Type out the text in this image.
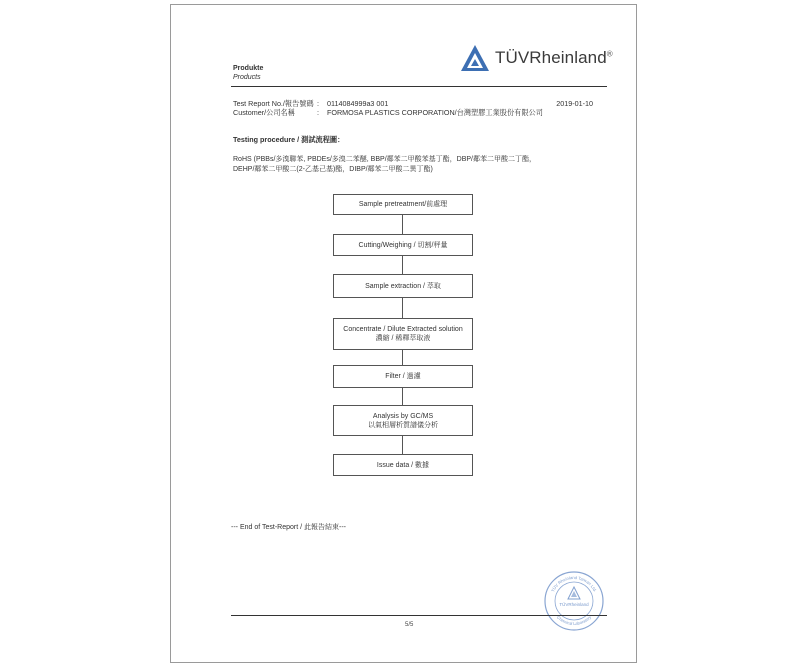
TÜVRheinland®
Produkte
Products
Test Report No./報告號碼 :	0114084999a3 001	2019-01-10
Customer/公司名稱	:	FORMOSA PLASTICS CORPORATION/台灣塑膠工業股份有限公司
Testing procedure / 測試流程圖：
RoHS (PBBs/多溴聯苯, PBDEs/多溴二苯醚, BBP/鄰苯二甲酸苯基丁酯，DBP/鄰苯二甲酸二丁酯，
DEHP/鄰苯二甲酸二(2-乙基己基)酯，DIBP/鄰苯二甲酸二異丁酯)
Sample pretreatment/前處理
Cutting/Weighing / 切割/秤量
Sample extraction / 萃取
Concentrate / Dilute Extracted solution
濃縮 / 稀釋萃取液
Filter / 過濾
Analysis by GC/MS
以氣相層析質譜儀分析
Issue data / 數據
--- End of Test-Report / 此報告結束---
TÜV Rheinland Taiwan Ltd.
Chemical Laboratory
TÜVRheinland
5/5
